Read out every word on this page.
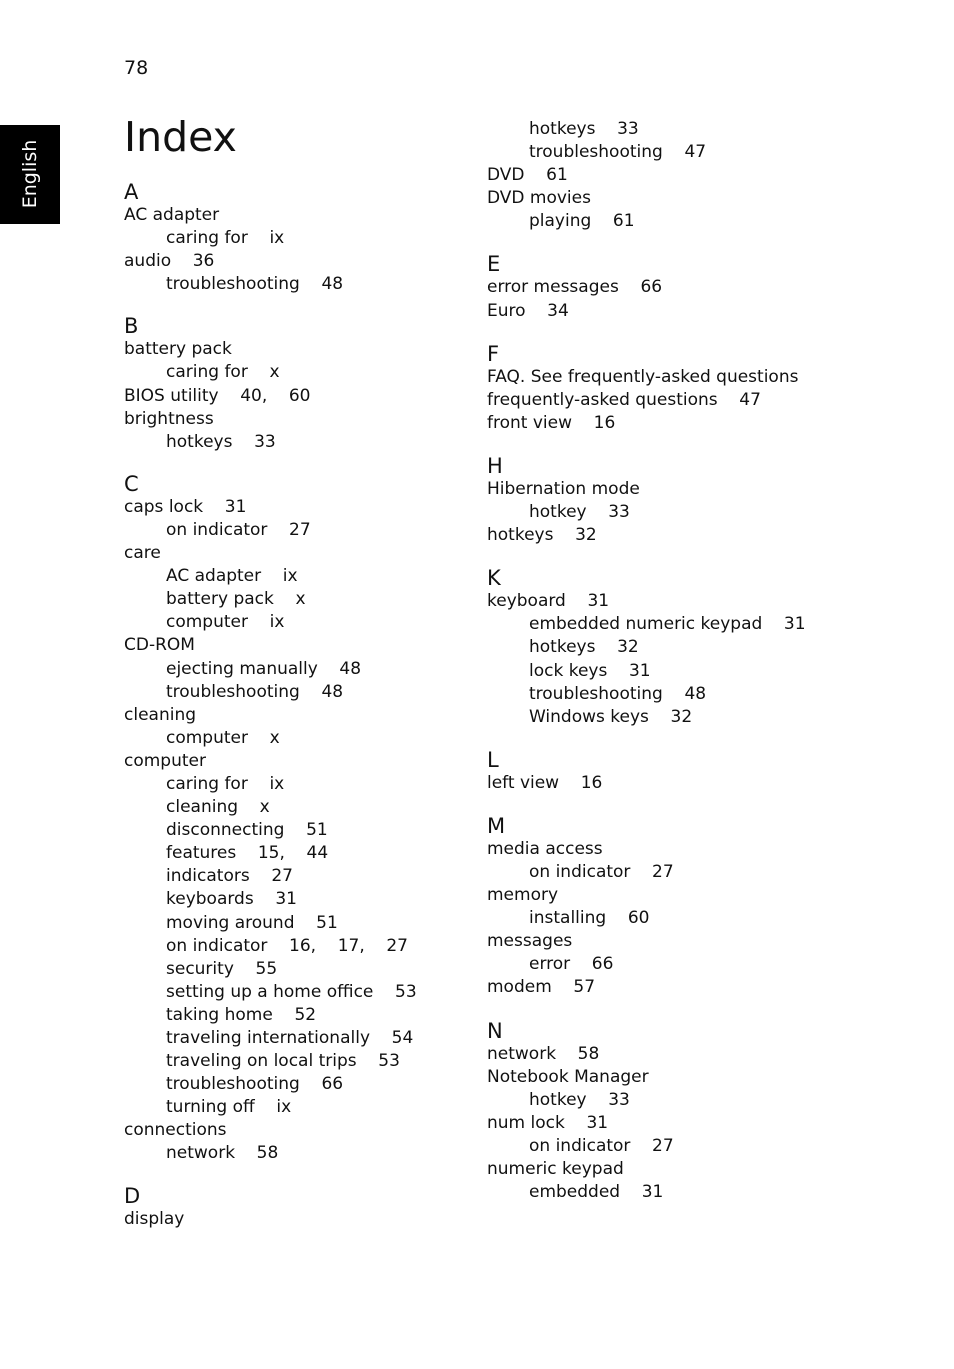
78
English
Index
A
AC adapter
caring for ix
audio 36
troubleshooting 48
B
battery pack
caring for x
BIOS utility 40,    60
brightness
hotkeys 33
C
caps lock 31
on indicator 27
care
AC adapter ix
battery pack x
computer ix
CD-ROM
ejecting manually 48
troubleshooting 48
cleaning
computer x
computer
caring for ix
cleaning x
disconnecting 51
features 15,    44
indicators 27
keyboards 31
moving around 51
on indicator 16,    17,    27
security 55
setting up a home office 53
taking home 52
traveling internationally 54
traveling on local trips 53
troubleshooting 66
turning off ix
connections
network 58
D
display
hotkeys 33
troubleshooting 47
DVD 61
DVD movies
playing 61
E
error messages 66
Euro 34
F
FAQ. See frequently-asked questions
frequently-asked questions 47
front view 16
H
Hibernation mode
hotkey 33
hotkeys 32
K
keyboard 31
embedded numeric keypad 31
hotkeys 32
lock keys 31
troubleshooting 48
Windows keys 32
L
left view 16
M
media access
on indicator 27
memory
installing 60
messages
error 66
modem 57
N
network 58
Notebook Manager
hotkey 33
num lock 31
on indicator 27
numeric keypad
embedded 31
